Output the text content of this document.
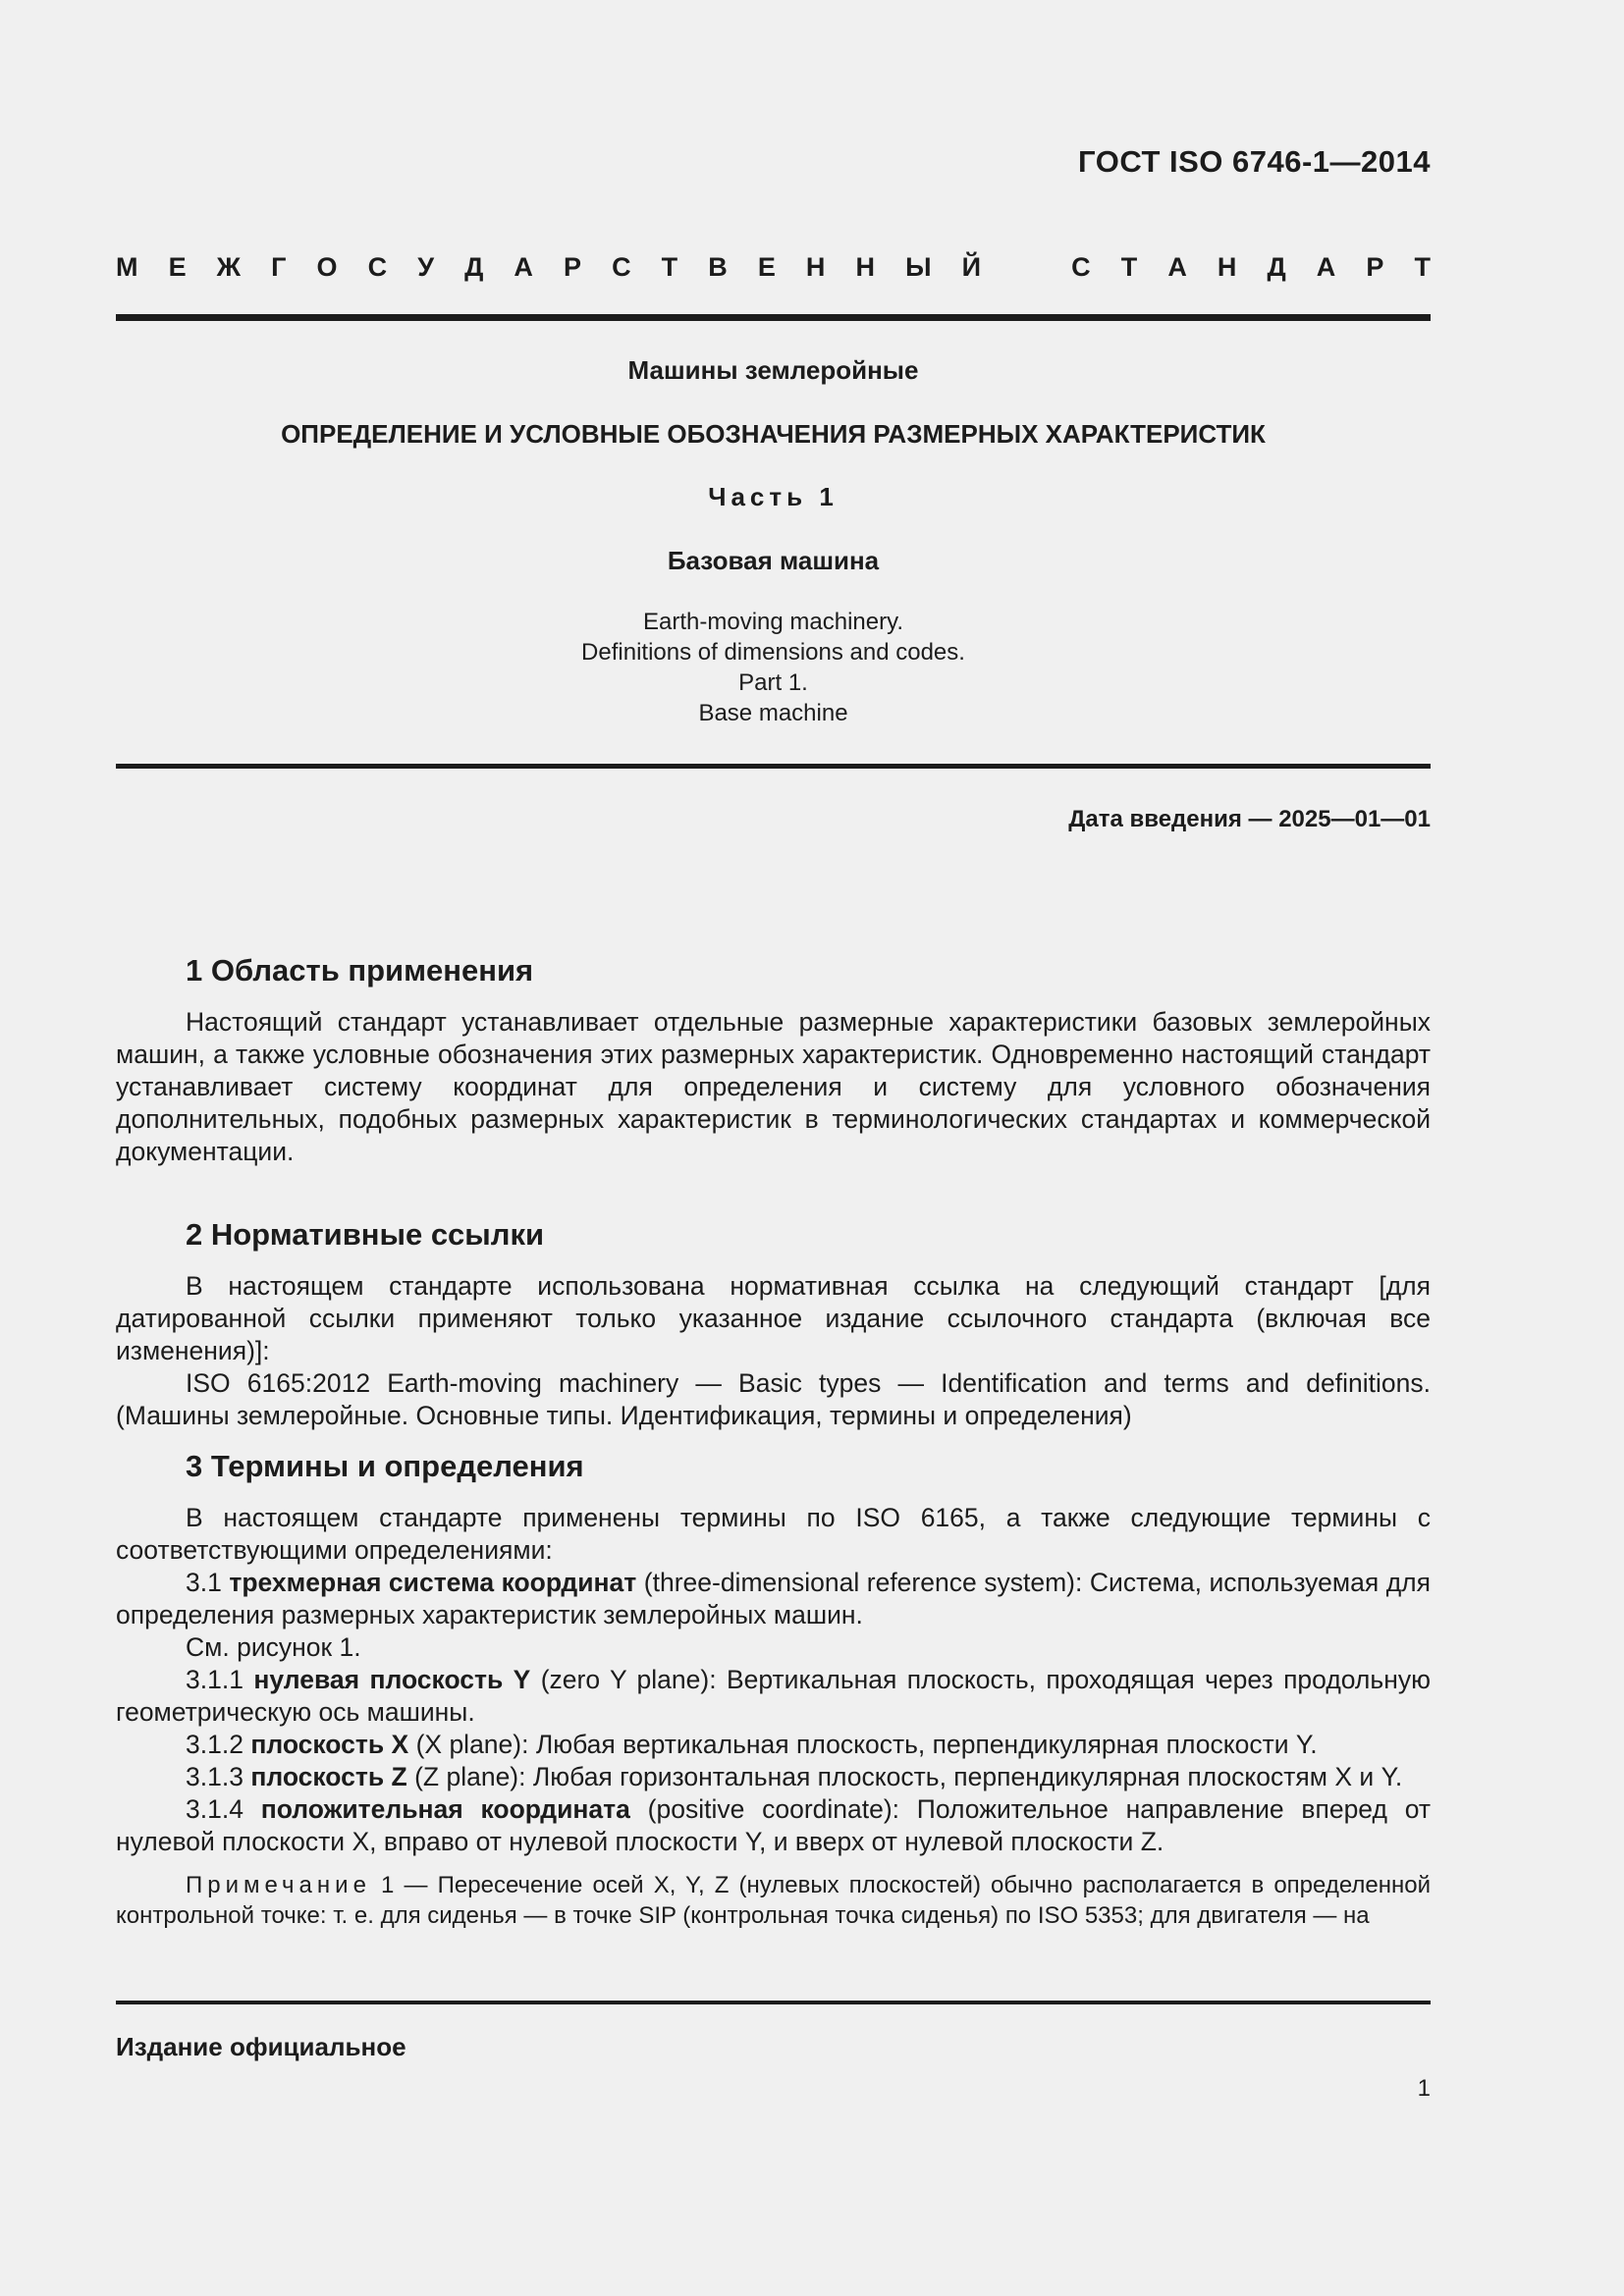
ГОСТ ISO 6746-1—2014
М Е Ж Г О С У Д А Р С Т В Е Н Н Ы Й	С Т А Н Д А Р Т
Машины землеройные
ОПРЕДЕЛЕНИЕ И УСЛОВНЫЕ ОБОЗНАЧЕНИЯ РАЗМЕРНЫХ ХАРАКТЕРИСТИК
Часть 1
Базовая машина
Earth-moving machinery.
Definitions of dimensions and codes.
Part 1.
Base machine
Дата введения — 2025—01—01
1 Область применения

Настоящий стандарт устанавливает отдельные размерные характеристики базовых землеройных машин, а также условные обозначения этих размерных характеристик. Одновременно настоящий стандарт устанавливает систему координат для определения и систему для условного обозначения дополнительных, подобных размерных характеристик в терминологических стандартах и коммерческой документации.

2 Нормативные ссылки

В настоящем стандарте использована нормативная ссылка на следующий стандарт [для датированной ссылки применяют только указанное издание ссылочного стандарта (включая все изменения)]:

ISO 6165:2012 Earth-moving machinery — Basic types — Identification and terms and definitions. (Машины землеройные. Основные типы. Идентификация, термины и определения)

3 Термины и определения

В настоящем стандарте применены термины по ISO 6165, а также следующие термины с соответствующими определениями:

3.1 трехмерная система координат (three-dimensional reference system): Система, используемая для определения размерных характеристик землеройных машин.

См. рисунок 1.

3.1.1 нулевая плоскость Y (zero Y plane): Вертикальная плоскость, проходящая через продольную геометрическую ось машины.

3.1.2 плоскость X (X plane): Любая вертикальная плоскость, перпендикулярная плоскости Y.

3.1.3 плоскость Z (Z plane): Любая горизонтальная плоскость, перпендикулярная плоскостям X и Y.

3.1.4 положительная координата (positive coordinate): Положительное направление вперед от нулевой плоскости X, вправо от нулевой плоскости Y, и вверх от нулевой плоскости Z.

Примечание 1 — Пересечение осей X, Y, Z (нулевых плоскостей) обычно располагается в определенной контрольной точке: т. е. для сиденья — в точке SIP (контрольная точка сиденья) по ISO 5353; для двигателя — на

Издание официальное
1
